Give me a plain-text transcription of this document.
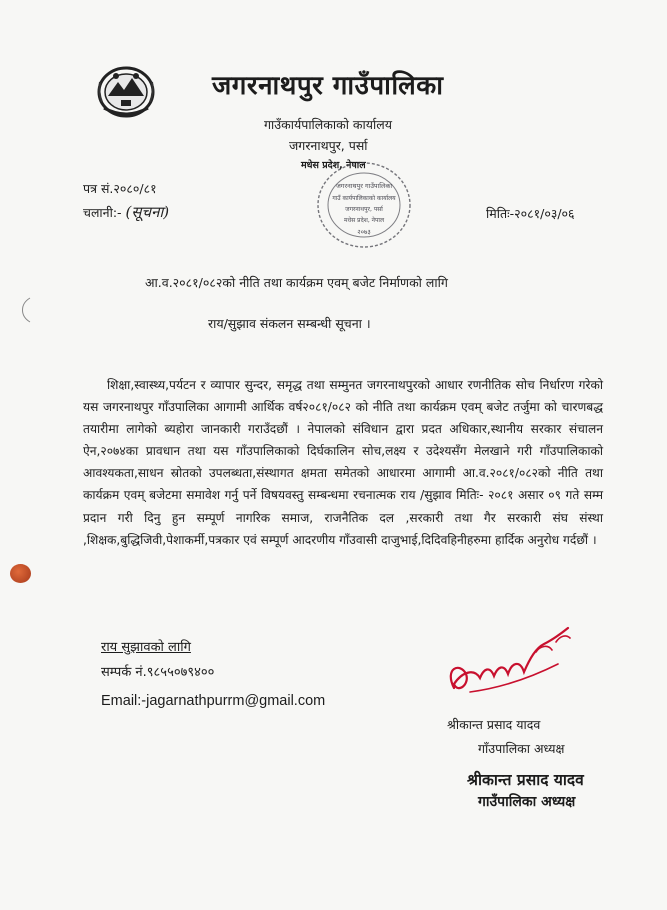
जगरनाथपुर गाउँपालिका
गाउँकार्यपालिकाको कार्यालय
जगरनाथपुर, पर्सा
मधेस प्रदेश, नेपाल
जगरनाथपुर गाउँपालिका
गाउँ कार्यपालिकाको कार्यालय
जगरनाथपुर, पर्सा
मधेस प्रदेश, नेपाल
२०७३
पत्र सं.२०८०/८१
चलानी:- (सूचना)	मितिः-२०८१/०३/०६
आ.व.२०८१/०८२को नीति तथा कार्यक्रम एवम् बजेट निर्माणको लागि
राय/सुझाव संकलन सम्बन्धी सूचना ।
शिक्षा,स्वास्थ्य,पर्यटन र व्यापार सुन्दर, समृद्ध तथा सम्मुनत जगरनाथपुरको आधार रणनीतिक सोच निर्धारण गरेको यस जगरनाथपुर गाँउपालिका आगामी आर्थिक वर्ष२०८१/०८२ को नीति तथा कार्यक्रम एवम् बजेट तर्जुमा को चारणबद्ध तयारीमा लागेको ब्यहोरा जानकारी गराउँदछौं । नेपालको संविधान द्वारा प्रदत अधिकार,स्थानीय सरकार संचालन ऐन,२०७४का प्रावधान तथा यस गाँउपालिकाको दिर्घकालिन सोच,लक्ष्य र उदेश्यसँग मेलखाने गरी गाँउपालिकाको आवश्यकता,साधन स्रोतको उपलब्धता,संस्थागत क्षमता समेतको आधारमा आगामी आ.व.२०८१/०८२को नीति तथा कार्यक्रम एवम् बजेटमा समावेश गर्नु पर्ने विषयवस्तु सम्बन्धमा रचनात्मक राय /सुझाव मितिः- २०८१ असार ०९ गते सम्म प्रदान गरी दिनु हुन सम्पूर्ण नागरिक समाज, राजनैतिक दल ,सरकारी तथा गैर सरकारी संघ संस्था ,शिक्षक,बुद्धिजिवी,पेशाकर्मी,पत्रकार एवं सम्पूर्ण आदरणीय गाँउवासी दाजुभाई,दिदिवहिनीहरुमा हार्दिक अनुरोध गर्दछौं ।
राय सुझावको लागि
सम्पर्क नं.९८५५०७९४००
Email:-jagarnathpurrm@gmail.com
श्रीकान्त प्रसाद यादव
गाँउपालिका अध्यक्ष
श्रीकान्त प्रसाद यादव
गाउँपालिका अध्यक्ष
